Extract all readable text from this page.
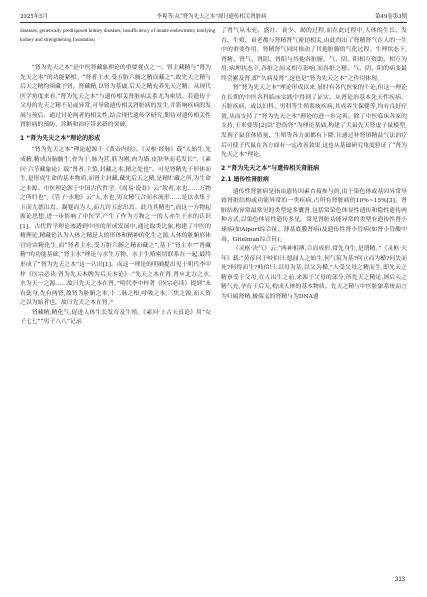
2025年5月	李爽等:从“肾为先天之本”探讨遗传相关肾脏病	第49卷第3期
diseases; genetically predisposed kidney diseases; insufficiency of innate endowment; tonifying kidney and strengthening foundation

“肾为先天之本”是中医肾藏象理论的重要观点之一。肾主藏精与“肾为先天之本”的功能紧相。“肾者主水,受五脏六腑之精而藏之”,故先天之精与后天之精均须藏于肾。肾藏精,以肾为基础,后天之精充养先天之精。从现代医学角度来看,“肾为先天之本”与遗传相关肾脏病关系尤为密切。若遗传于父母的先天之精不足或异常,可导致遗传相关肾脏病的发生,并影响疾病的发展与预后。通过讨论两者的相关性,结合现代遗传学研究,期待对遗传相关性肾脏病的预防、诊断和治疗带来新的突破。

1 “肾为先天之本”理论的形成

“肾为先天之本”理论起源于《黄帝内经》。《灵枢·经脉》载“人始生,先成精,精成而脑髓生,骨为干,脉为营,筋为刚,肉为墙,皮肤坚而毛发长”。《素问·六节藏象论》载“肾者,主蛰,封藏之本,精之处也”。可见肾精先于形体而生,是形成生命的基本物质,而肾主封藏,藏先后天之精,是精贮藏之所,为生命之本源。中医理论源于中国古代哲学,《周易·说卦》云“坎者,水也……万物之所归也”,《管子·水地》云“人,水也,男女精气合而水流形……是以水集于玉而九德出焉。凝蹇而为人,而九窍五虑出焉。此乃其精也”,而这一方物起源论思想,进一步影响了中医学,产生了作为万物之一的人亦生于水的认识[1]。古代哲学理论渗透到中医的形成发展中,通过取类比象,构建了中医的精理论,精藏论认为人体之精是人的形体和精神的化生之源,人体的脏腑形体官窍由精化生,而“肾者主水,受五脏六腑之精而藏之”,基于“肾主水”“肾藏精”的功能基础,“肾主水”理论与水生万物、水主生殖密切联系在一起,最终形成了“肾为先天之本”这一认识[1]。而这一理论的明确提出见于明代李中梓《医宗必读·肾为先天本脾为后天本论》:“先天之本在肾,肾应北方之水,水为天一之源……故曰先天之本在肾。”明代李中梓著《医宗必读》提到“未有此身,先有两肾,故肾为脏腑之本,十二脉之根,呼吸之本,三焦之源,而人资之以为始者也。故曰先天之本在肾。”

肾藏精,精化气,促进人体生长发育及生殖。《素问·上古天真论》用“女子七七”“男子八八”记录

了肾气从未充、盛社、衰少、竭的过程,而在此过程中,人体的生长、发育、生殖、衰老都与肾精肾气密切相关,由此得出了肾精肾气在人的一生中的重要作用。肾精肾气同时推动了其他脏腑的气化过程。生理状态下,肾精、肾气、肾阴、肾阳与其他各脏腑、气、阴、阳相互资助、相互为用;病理状态下,各脏之间又相互影响,而各脏之精、气、阴、阳的病变最终会累及肾,即“久病及肾”,这也是“肾为先天之本”之作用体现。

肾“肾为先天之本”理论形成以来,虽时有各代医家的个论,但这一理论在长期的中医各科临床实践中得到了证实。从肾论治基本先天性疾病、五脏疾病、或以妇科、男科等生殖系统疾病,其成养生保健等,均有良好疗效,从而支持了“肾为先天之本”理论的进一步完善。除了中医临床各家的支持,王米要等[2]以“恐伤肾”为理论基础,构建了大鼠先天肾虚子鼠模型,发现子鼠在体质量、生殖等各方面都有下降,且通过补肾填精益气法治疗后可使子代鼠在各方面有一定改善效果,这也从基础研究角度验证了“肾为先天之本”理论。

2 “肾为先天之本”与遗传相关肾脏病
2.1 遗传性肾脏病

遗传性肾脏病是指由遗传因素直接参与的,由于染色体或基因异常导致肾脏结构或功能异常的一类疾病,占所有肾脏病的10%~15%[3]。肾脏结构异常最常见的类型是多囊肾,包括常染色体显性遗传和隐性遗传两种方式,以染色体显性遗传多见。常见肾脏功能异常的类型有遗传性肾小球病(如Alport综合征、薄基底膜肾病)及遗传性肾小管病(如肾小管酸中毒、Gitelman综合征)。

《灵枢·决气》云:“两神相搏,合而成形,常先身生,是谓精。”《灵枢·天年》载:“黄帝问于岐伯曰:愿闻人之始生,何气筑为基?何立而为楯?何失而死?何得而生?岐伯曰:以母为基,以父为楯,”人受父母之精而生,即先天之精禀受于父母,在人出生之前,来源于父母的部分,所先天之精足,则后天之精气充,孕育于后天,构成人体的基本物质。先天之精与中医脏象系统而言为归属肾精,极端义的肾精与为DNA遗

313
